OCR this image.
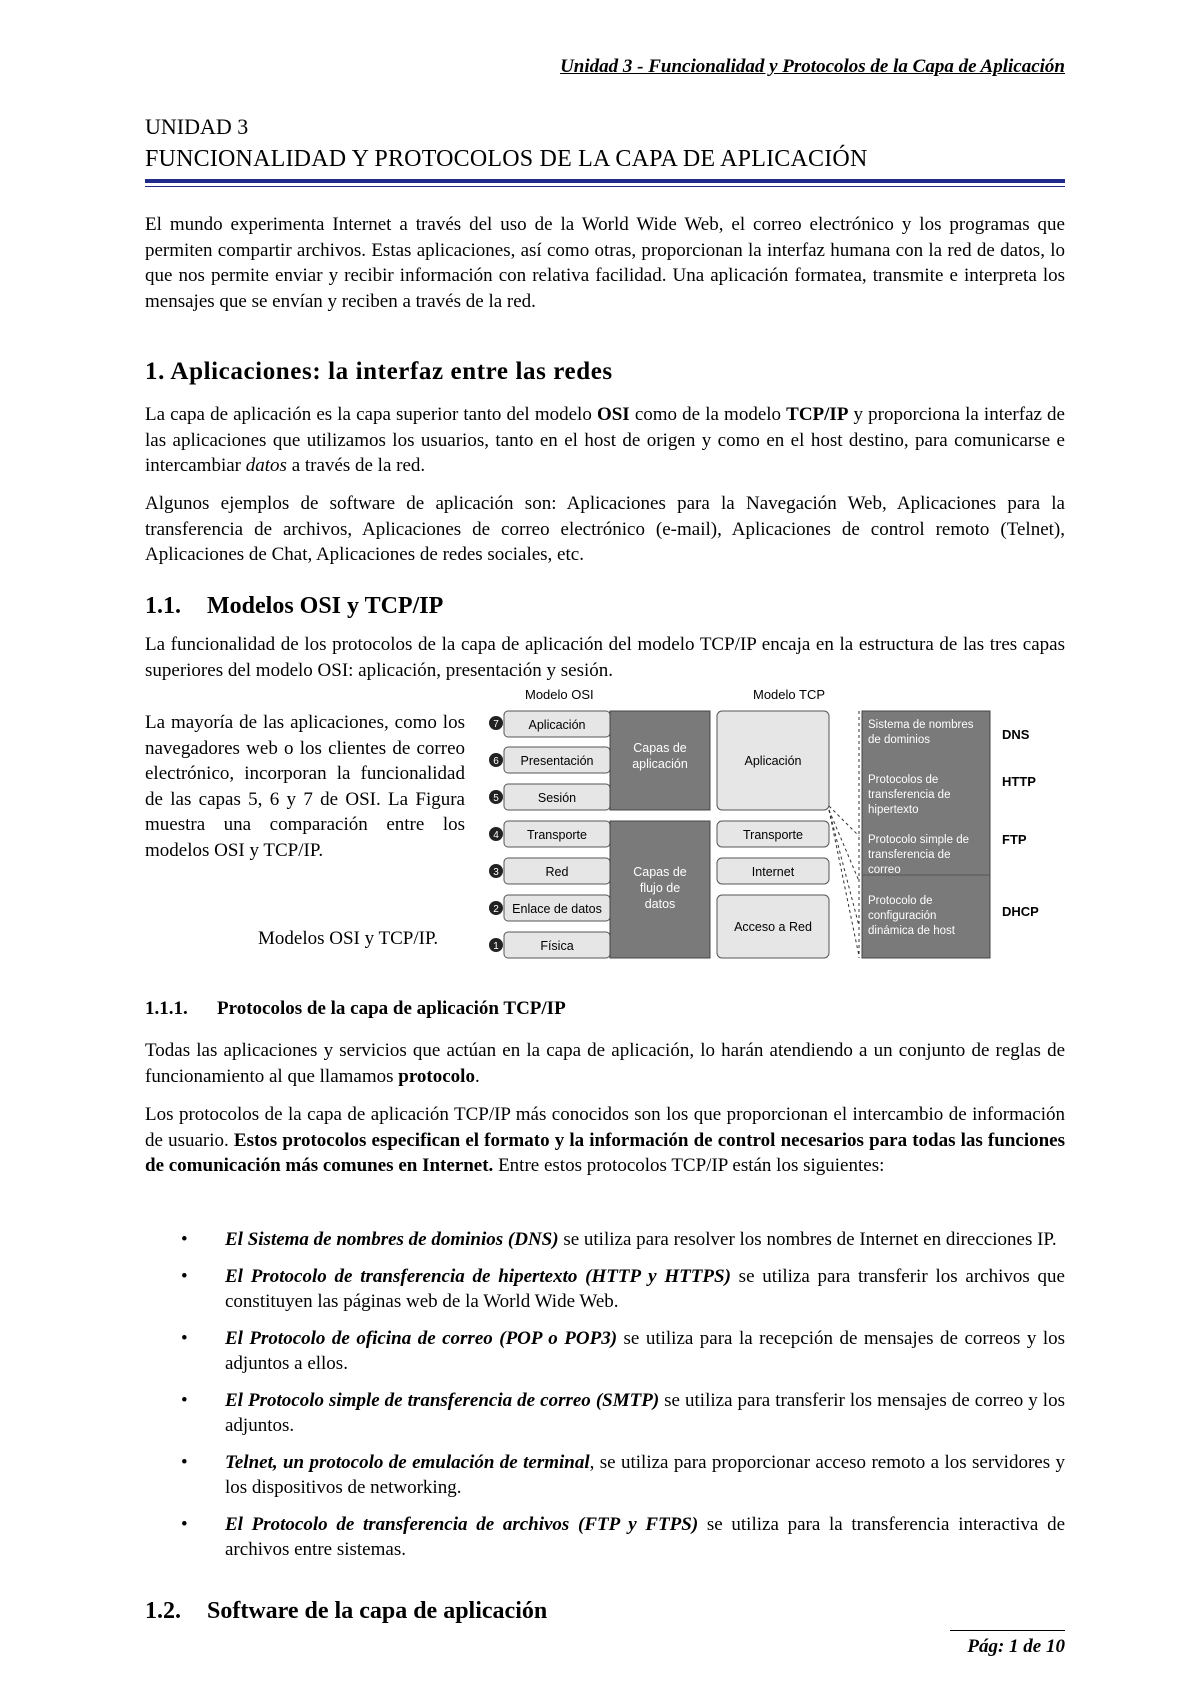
Unidad 3 - Funcionalidad y Protocolos de la Capa de Aplicación
UNIDAD 3
FUNCIONALIDAD Y PROTOCOLOS DE LA CAPA DE APLICACIÓN

El mundo experimenta Internet a través del uso de la World Wide Web, el correo electrónico y los programas que permiten compartir archivos. Estas aplicaciones, así como otras, proporcionan la interfaz humana con la red de datos, lo que nos permite enviar y recibir información con relativa facilidad. Una aplicación formatea, transmite e interpreta los mensajes que se envían y reciben a través de la red.

1. Aplicaciones: la interfaz entre las redes

La capa de aplicación es la capa superior tanto del modelo OSI como de la modelo TCP/IP y proporciona la interfaz de las aplicaciones que utilizamos los usuarios, tanto en el host de origen y como en el host destino, para comunicarse e intercambiar datos a través de la red.

Algunos ejemplos de software de aplicación son: Aplicaciones para la Navegación Web, Aplicaciones para la transferencia de archivos, Aplicaciones de correo electrónico (e-mail), Aplicaciones de control remoto (Telnet), Aplicaciones de Chat, Aplicaciones de redes sociales, etc.

1.1. Modelos OSI y TCP/IP

La funcionalidad de los protocolos de la capa de aplicación del modelo TCP/IP encaja en la estructura de las tres capas superiores del modelo OSI: aplicación, presentación y sesión.

La mayoría de las aplicaciones, como los navegadores web o los clientes de correo electrónico, incorporan la funcionalidad de las capas 5, 6 y 7 de OSI. La Figura muestra una comparación entre los modelos OSI y TCP/IP.
Modelos OSI y TCP/IP.
Modelo OSI	Modelo TCP
7 Aplicación
6 Presentación
5	Sesión
4 Transporte
3	Red
2 Enlace de datos
1	Física
Capas de aplicación
Capas de flujo de datos
Aplicación
Transporte
Internet
Acceso a Red
Sistema de nombres de dominios
Protocolos de transferencia de hipertexto
Protocolo simple de transferencia de correo
Protocolo de configuración dinámica de host
DNS
HTTP
FTP
DHCP
1.1.1. Protocolos de la capa de aplicación TCP/IP

Todas las aplicaciones y servicios que actúan en la capa de aplicación, lo harán atendiendo a un conjunto de reglas de funcionamiento al que llamamos protocolo.

Los protocolos de la capa de aplicación TCP/IP más conocidos son los que proporcionan el intercambio de información de usuario. Estos protocolos especifican el formato y la información de control necesarios para todas las funciones de comunicación más comunes en Internet. Entre estos protocolos TCP/IP están los siguientes:

• El Sistema de nombres de dominios (DNS) se utiliza para resolver los nombres de Internet en direcciones IP.
• El Protocolo de transferencia de hipertexto (HTTP y HTTPS) se utiliza para transferir los archivos que constituyen las páginas web de la World Wide Web.
• El Protocolo de oficina de correo (POP o POP3) se utiliza para la recepción de mensajes de correos y los adjuntos a ellos.
• El Protocolo simple de transferencia de correo (SMTP) se utiliza para transferir los mensajes de correo y los adjuntos.
• Telnet, un protocolo de emulación de terminal, se utiliza para proporcionar acceso remoto a los servidores y los dispositivos de networking.
• El Protocolo de transferencia de archivos (FTP y FTPS) se utiliza para la transferencia interactiva de archivos entre sistemas.
1.2. Software de la capa de aplicación
Pág: 1 de 10
